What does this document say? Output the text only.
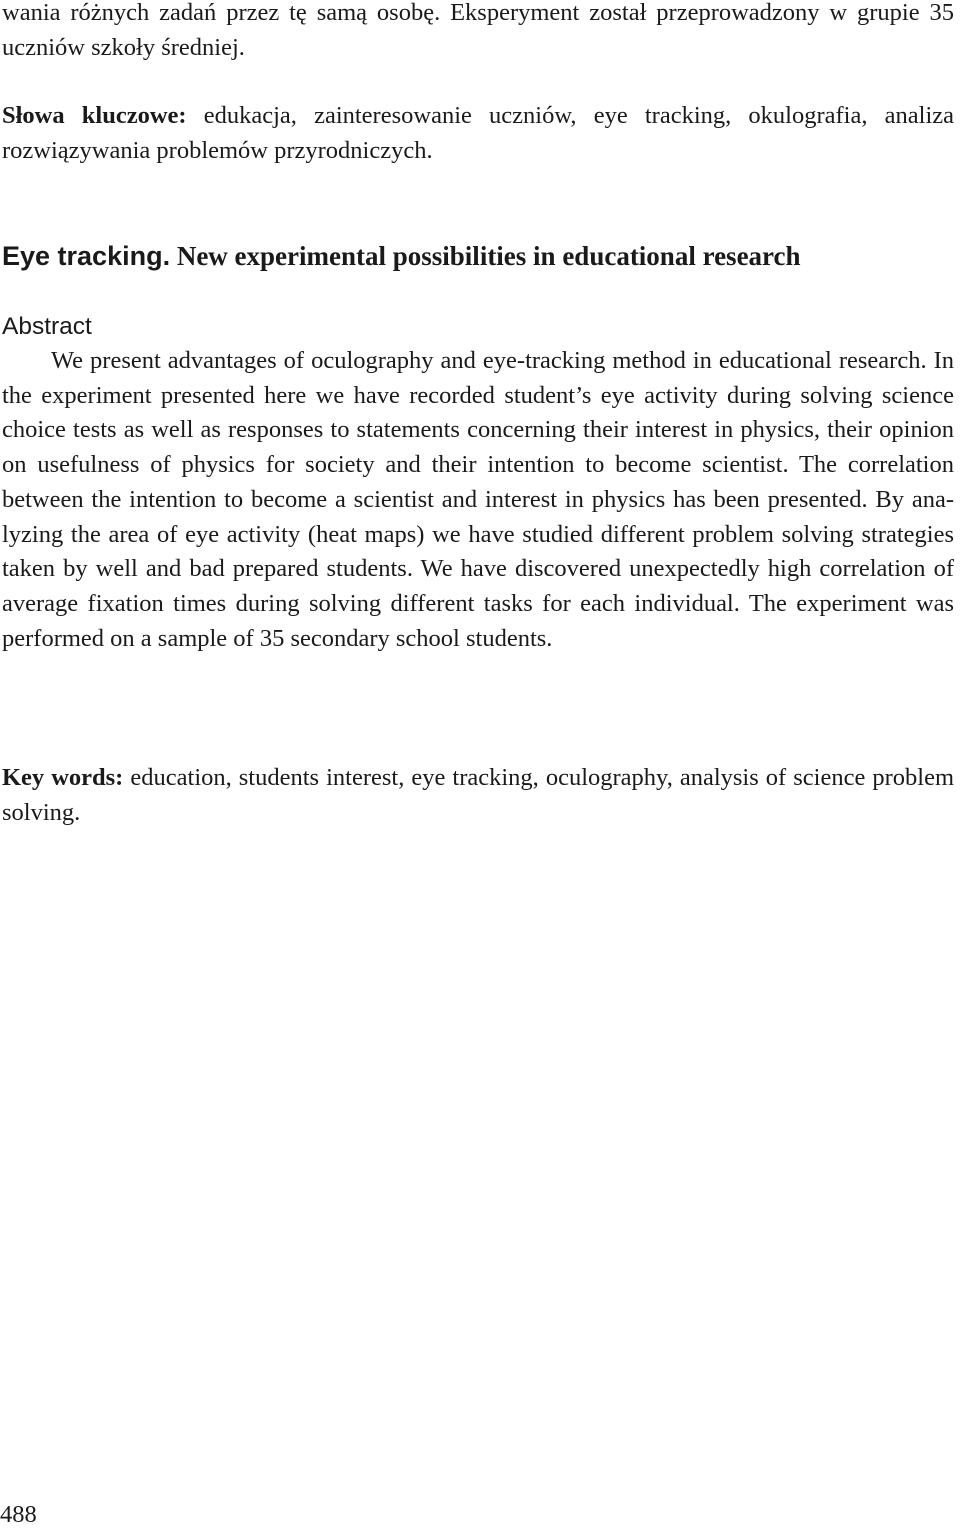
wania różnych zadań przez tę samą osobę. Eksperyment został przeprowadzony w grupie 35 uczniów szkoły średniej.

Słowa kluczowe: edukacja, zainteresowanie uczniów, eye tracking, okulografia, analiza rozwiązywania problemów przyrodniczych.

Eye tracking. New experimental possibilities in educational research
Abstract

We present advantages of oculography and eye-tracking method in educational research. In the experiment presented here we have recorded student’s eye activity during solving science choice tests as well as responses to statements concerning their interest in physics, their opinion on usefulness of physics for society and their intention to become scientist. The correlation between the intention to become a scientist and interest in physics has been presented. By analyzing the area of eye activity (heat maps) we have studied different problem solving strategies taken by well and bad prepared students. We have discovered unexpectedly high correlation of average fixation times during solving different tasks for each individual. The experiment was performed on a sample of 35 secondary school students.

Key words: education, students interest, eye tracking, oculography, analysis of science problem solving.

488
